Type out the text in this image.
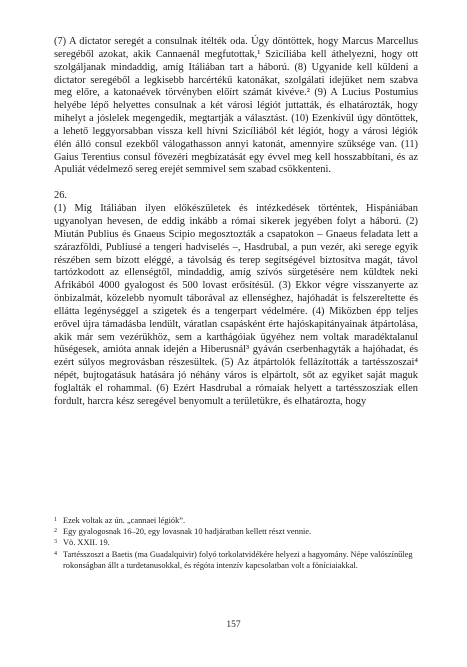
(7) A dictator seregét a consulnak ítélték oda. Úgy döntöttek, hogy Marcus Marcellus seregéből azokat, akik Cannaenál megfutottak,¹ Szicíliába kell áthelyezni, hogy ott szolgáljanak mindaddig, amíg Itáliában tart a háború. (8) Ugyanide kell küldeni a dictator seregéből a legkisebb harcértékű katonákat, szolgálati idejüket nem szabva meg előre, a katonaévek törvényben előírt számát kivéve.² (9) A Lucius Postumius helyébe lépő helyettes consulnak a két városi légiót juttatták, és elhatározták, hogy mihelyt a jóslelek megengedik, megtartják a választást. (10) Ezenkívül úgy döntöttek, a lehető leggyorsabban vissza kell hívni Szicíliából két légiót, hogy a városi légiók élén álló consul ezekből válogathasson annyi katonát, amennyire szüksége van. (11) Gaius Terentius consul fővezéri megbízatását egy évvel meg kell hosszabbítani, és az Apuliát védelmező sereg erejét semmivel sem szabad csökkenteni.

26.

(1) Míg Itáliában ilyen előkészületek és intézkedések történtek, Hispániában ugyanolyan hevesen, de eddig inkább a római sikerek jegyében folyt a háború. (2) Miután Publius és Gnaeus Scipio megosztozták a csapatokon – Gnaeus feladata lett a szárazföldi, Publiusé a tengeri hadviselés –, Hasdrubal, a pun vezér, aki serege egyik részében sem bízott eléggé, a távolság és terep segítségével biztosítva magát, távol tartózkodott az ellenségtől, mindaddig, amíg szívós sürgetésére nem küldtek neki Afrikából 4000 gyalogost és 500 lovast erősítésül. (3) Ekkor végre visszanyerte az önbizalmát, közelebb nyomult táborával az ellenséghez, hajóhadát is felszereltette és ellátta legénységgel a szigetek és a tengerpart védelmére. (4) Miközben épp teljes erővel újra támadásba lendült, váratlan csapásként érte hajóskapitányainak átpártolása, akik már sem vezérükhöz, sem a karthágóiak ügyéhez nem voltak maradéktalanul hűségesek, amióta annak idején a Hiberusnál³ gyáván cserbenhagyták a hajóhadat, és ezért súlyos megrovásban részesültek. (5) Az átpártolók fellázították a tartésszoszai⁴ népét, bujtogatásuk hatására jó néhány város is elpártolt, sőt az egyiket saját maguk foglalták el rohammal. (6) Ezért Hasdrubal a rómaiak helyett a tartésszosziak ellen fordult, harcra kész seregével benyomult a területükre, és elhatározta, hogy

1 Ezek voltak az ún. „cannaei légiók”.

2 Egy gyalogosnak 16–20, egy lovasnak 10 hadjáratban kellett részt vennie.

3 Vö. XXII. 19.

4 Tartésszoszt a Baetis (ma Guadalquivir) folyó torkolatvidékére helyezi a hagyomány. Népe valószínűleg rokonságban állt a turdetanusokkal, és régóta intenzív kapcsolatban volt a föníciaiakkal.

157
